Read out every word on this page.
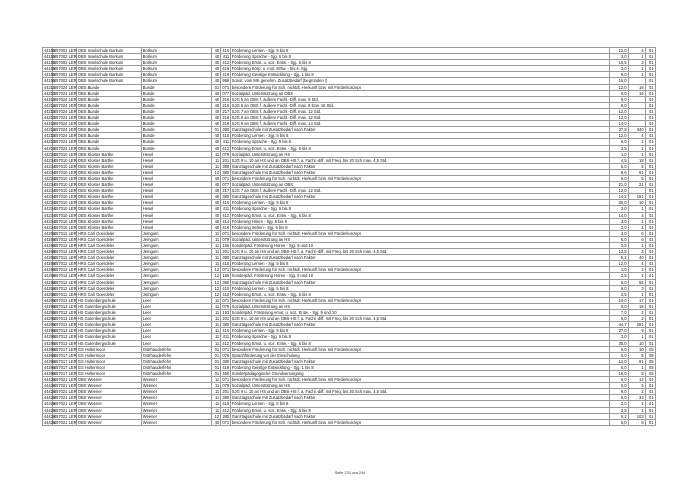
44155	457002 LER	OBS Inselschule Borkum	Borkum	40	410	Förderung Lernen - Sjg. 5 bis 8	12,0	4	01
44155	457002 LER	OBS Inselschule Borkum	Borkum	40	411	Förderung Sprache - Sjg. 5 bis 8	3,0	1	01
44155	457002 LER	OBS Inselschule Borkum	Borkum	40	412	Förderung Emot. u. soz. Entw. - Sjg. 5 bis 8	10,5	3	01
44155	457002 LER	OBS Inselschule Borkum	Borkum	40	415	Förderung Körp. u. mot. Entw. - bis 4. Sjg.	3,0	1	01
44155	457002 LER	OBS Inselschule Borkum	Borkum	40	419	Förderung Geistige Entwicklung - Sjg. 1 bis 8	5,0	1	01
44155	457002 LER	OBS Inselschule Borkum	Borkum	40	999	Sonst. vom MK genehm. Zusatzbedarf (begründen !)	16,0		01
44210	457024 LER	OBS Bunde	Bunde	01	071	besondere Förderung für Sch. nichtdt. Herkunft bzw. mit Förderkonzept	12,0	18	01
44210	457024 LER	OBS Bunde	Bunde	40	077	Sozialpäd. Unterstützung an OBS	0,0	16	01
44210	457024 LER	OBS Bunde	Bunde	40	215	SJG 5 an OBS f. äußere Fachl.-Diff. max. 9 Std.	9,0		01
44210	457024 LER	OBS Bunde	Bunde	40	216	SJG 6 an OBS f. äußere Fachl.-Diff. max. 8 bzw. 16 Std.	8,0		01
44210	457024 LER	OBS Bunde	Bunde	40	217	SJG 7 an OBS f. äußere Fachl.-Diff. max. 12 Std.	12,0		01
44210	457024 LER	OBS Bunde	Bunde	40	218	SJG 8 an OBS f. äußere Fachl.-Diff. max. 12 Std.	12,0		01
44210	457024 LER	OBS Bunde	Bunde	40	219	SJG 9 an OBS f. äußere Fachl.-Diff. max. 14 Std.	14,0		01
44210	457024 LER	OBS Bunde	Bunde	01	380	Ganztagsschule mit Zusatzbedarf nach Faktor	37,8	340	01
44210	457024 LER	OBS Bunde	Bunde	40	410	Förderung Lernen - Sjg. 5 bis 8	12,0	4	01
44210	457024 LER	OBS Bunde	Bunde	40	411	Förderung Sprache - Sjg. 5 bis 8	6,0	2	01
44210	457024 LER	OBS Bunde	Bunde	40	412	Förderung Emot. u. soz. Entw. - Sjg. 5 bis 8	3,5	1	01
44234	457010 LER	OBS Kloster Barthe	Hesel	11	079	Sozialpäd. Unterstützung an HS	1,0	1	01
44234	457010 LER	OBS Kloster Barthe	Hesel	11	201	SJG 9 u. 10 an HS und an OBS-HS f. a. Fachl.-diff. mit Freq. bis 20 Sch max. 4,5 Std.	4,5	18	01
44234	457010 LER	OBS Kloster Barthe	Hesel	11	380	Ganztagsschule mit Zusatzbedarf nach Faktor	5,0	5	01
44234	457010 LER	OBS Kloster Barthe	Hesel	12	380	Ganztagsschule mit Zusatzbedarf nach Faktor	8,6	61	01
44234	457010 LER	OBS Kloster Barthe	Hesel	40	071	besondere Förderung für Sch. nichtdt. Herkunft bzw. mit Förderkonzept	5,0	5	01
44234	457010 LER	OBS Kloster Barthe	Hesel	40	077	Sozialpäd. Unterstützung an OBS	21,0	21	01
44234	457010 LER	OBS Kloster Barthe	Hesel	40	217	SJG 7 an OBS f. äußere Fachl.-Diff. max. 12 Std.	12,0		01
44234	457010 LER	OBS Kloster Barthe	Hesel	40	380	Ganztagsschule mit Zusatzbedarf nach Faktor	14,2	151	01
44234	457010 LER	OBS Kloster Barthe	Hesel	40	410	Förderung Lernen - Sjg. 5 bis 8	30,0	10	01
44234	457010 LER	OBS Kloster Barthe	Hesel	40	411	Förderung Sprache - Sjg. 5 bis 8	3,0	1	01
44234	457010 LER	OBS Kloster Barthe	Hesel	40	412	Förderung Emot. u. soz. Entw. - Sjg. 5 bis 8	14,0	4	01
44234	457010 LER	OBS Kloster Barthe	Hesel	40	414	Förderung Hören - Sjg. 5 bis 8	3,0	1	01
44234	457010 LER	OBS Kloster Barthe	Hesel	40	416	Förderung Sehen - Sjg. 5 bis 8	3,0	1	01
44258	457012 LER	HRS Carl Goerdeler	Jemgum	11	071	besondere Förderung für Sch. nichtdt. Herkunft bzw. mit Förderkonzept	3,0	6	01
44258	457012 LER	HRS Carl Goerdeler	Jemgum	11	079	Sozialpäd. Unterstützung an HS	5,0	6	01
44258	457012 LER	HRS Carl Goerdeler	Jemgum	11	155	Sonderpäd. Förderung Hören - Sjg. 9 und 10	3,5	1	01
44258	457012 LER	HRS Carl Goerdeler	Jemgum	11	201	SJG 9 u. 10 an HS und an OBS-HS f. a. Fachl.-diff. mit Freq. bis 20 Sch max. 4,5 Std.	13,5	3	01
44258	457012 LER	HRS Carl Goerdeler	Jemgum	11	380	Ganztagsschule mit Zusatzbedarf nach Faktor	5,2	40	01
44258	457012 LER	HRS Carl Goerdeler	Jemgum	11	410	Förderung Lernen - Sjg. 5 bis 8	12,0	4	01
44258	457012 LER	HRS Carl Goerdeler	Jemgum	12	071	besondere Förderung für Sch. nichtdt. Herkunft bzw. mit Förderkonzept	1,0	3	01
44258	457012 LER	HRS Carl Goerdeler	Jemgum	12	155	Sonderpäd. Förderung Hören - Sjg. 9 und 10	3,5	1	01
44258	457012 LER	HRS Carl Goerdeler	Jemgum	12	380	Ganztagsschule mit Zusatzbedarf nach Faktor	5,0	55	01
44258	457012 LER	HRS Carl Goerdeler	Jemgum	12	410	Förderung Lernen - Sjg. 5 bis 8	9,0	3	01
44258	457012 LER	HRS Carl Goerdeler	Jemgum	12	412	Förderung Emot. u. soz. Entw. - Sjg. 5 bis 8	3,5	1	01
44295	457013 LER	HS Gutenbergschule	Leer	11	071	besondere Förderung für Sch. nichtdt. Herkunft bzw. mit Förderkonzept	10,0	17	01
44295	457013 LER	HS Gutenbergschule	Leer	11	079	Sozialpäd. Unterstützung an HS	0,0	18	01
44295	457013 LER	HS Gutenbergschule	Leer	11	153	Sonderpäd. Förderung emot. u. soz. Entw. - Sjg. 9 und 10	7,0	2	01
44295	457013 LER	HS Gutenbergschule	Leer	11	201	SJG 9 u. 10 an HS und an OBS-HS f. a. Fachl.-diff. mit Freq. bis 20 Sch max. 4,5 Std.	9,0	2	01
44295	457013 LER	HS Gutenbergschule	Leer	11	380	Ganztagsschule mit Zusatzbedarf nach Faktor	44,7	281	01
44295	457013 LER	HS Gutenbergschule	Leer	11	410	Förderung Lernen - Sjg. 5 bis 8	27,0	9	01
44295	457013 LER	HS Gutenbergschule	Leer	11	411	Förderung Sprache - Sjg. 5 bis 8	3,0	1	01
44295	457013 LER	HS Gutenbergschule	Leer	11	412	Förderung Emot. u. soz. Entw. - Sjg. 5 bis 8	35,0	10	01
44398	457017 LER	GS Holtermoor	Ostrhauderfehn	01	071	besondere Förderung für Sch. nichtdt. Herkunft bzw. mit Förderkonzept	5,0	10	05
44398	457017 LER	GS Holtermoor	Ostrhauderfehn	01	076	Sprachförderung vor der Einschulung	5,0	5	05
44398	457017 LER	GS Holtermoor	Ostrhauderfehn	01	380	Ganztagsschule mit Zusatzbedarf nach Faktor	12,0	61	05
44398	457017 LER	GS Holtermoor	Ostrhauderfehn	01	419	Förderung Geistige Entwicklung - Sjg. 1 bis 8	5,0	1	05
44398	457017 LER	GS Holtermoor	Ostrhauderfehn	01	450	Sonderpädagogische Grundversorgung	16,0	8	05
44428	457021 LER	OBS Weener	Weener	11	071	besondere Förderung für Sch. nichtdt. Herkunft bzw. mit Förderkonzept	6,0	12	01
44428	457021 LER	OBS Weener	Weener	11	079	Sozialpäd. Unterstützung an HS	0,0	5	01
44428	457021 LER	OBS Weener	Weener	11	201	SJG 9 u. 10 an HS und an OBS-HS f. a. Fachl.-diff. mit Freq. bis 20 Sch max. 4,5 Std.	9,0	2	01
44428	457021 LER	OBS Weener	Weener	11	380	Ganztagsschule mit Zusatzbedarf nach Faktor	5,0	33	01
44428	457021 LER	OBS Weener	Weener	11	410	Förderung Lernen - Sjg. 5 bis 8	3,0	1	01
44428	457021 LER	OBS Weener	Weener	11	412	Förderung Emot. u. soz. Entw. - Sjg. 5 bis 8	3,5	1	01
44428	457021 LER	OBS Weener	Weener	12	380	Ganztagsschule mit Zusatzbedarf nach Faktor	6,2	103	01
44428	457021 LER	OBS Weener	Weener	40	071	besondere Förderung für Sch. nichtdt. Herkunft bzw. mit Förderkonzept	6,0	8	01
Seite 233 von 244
